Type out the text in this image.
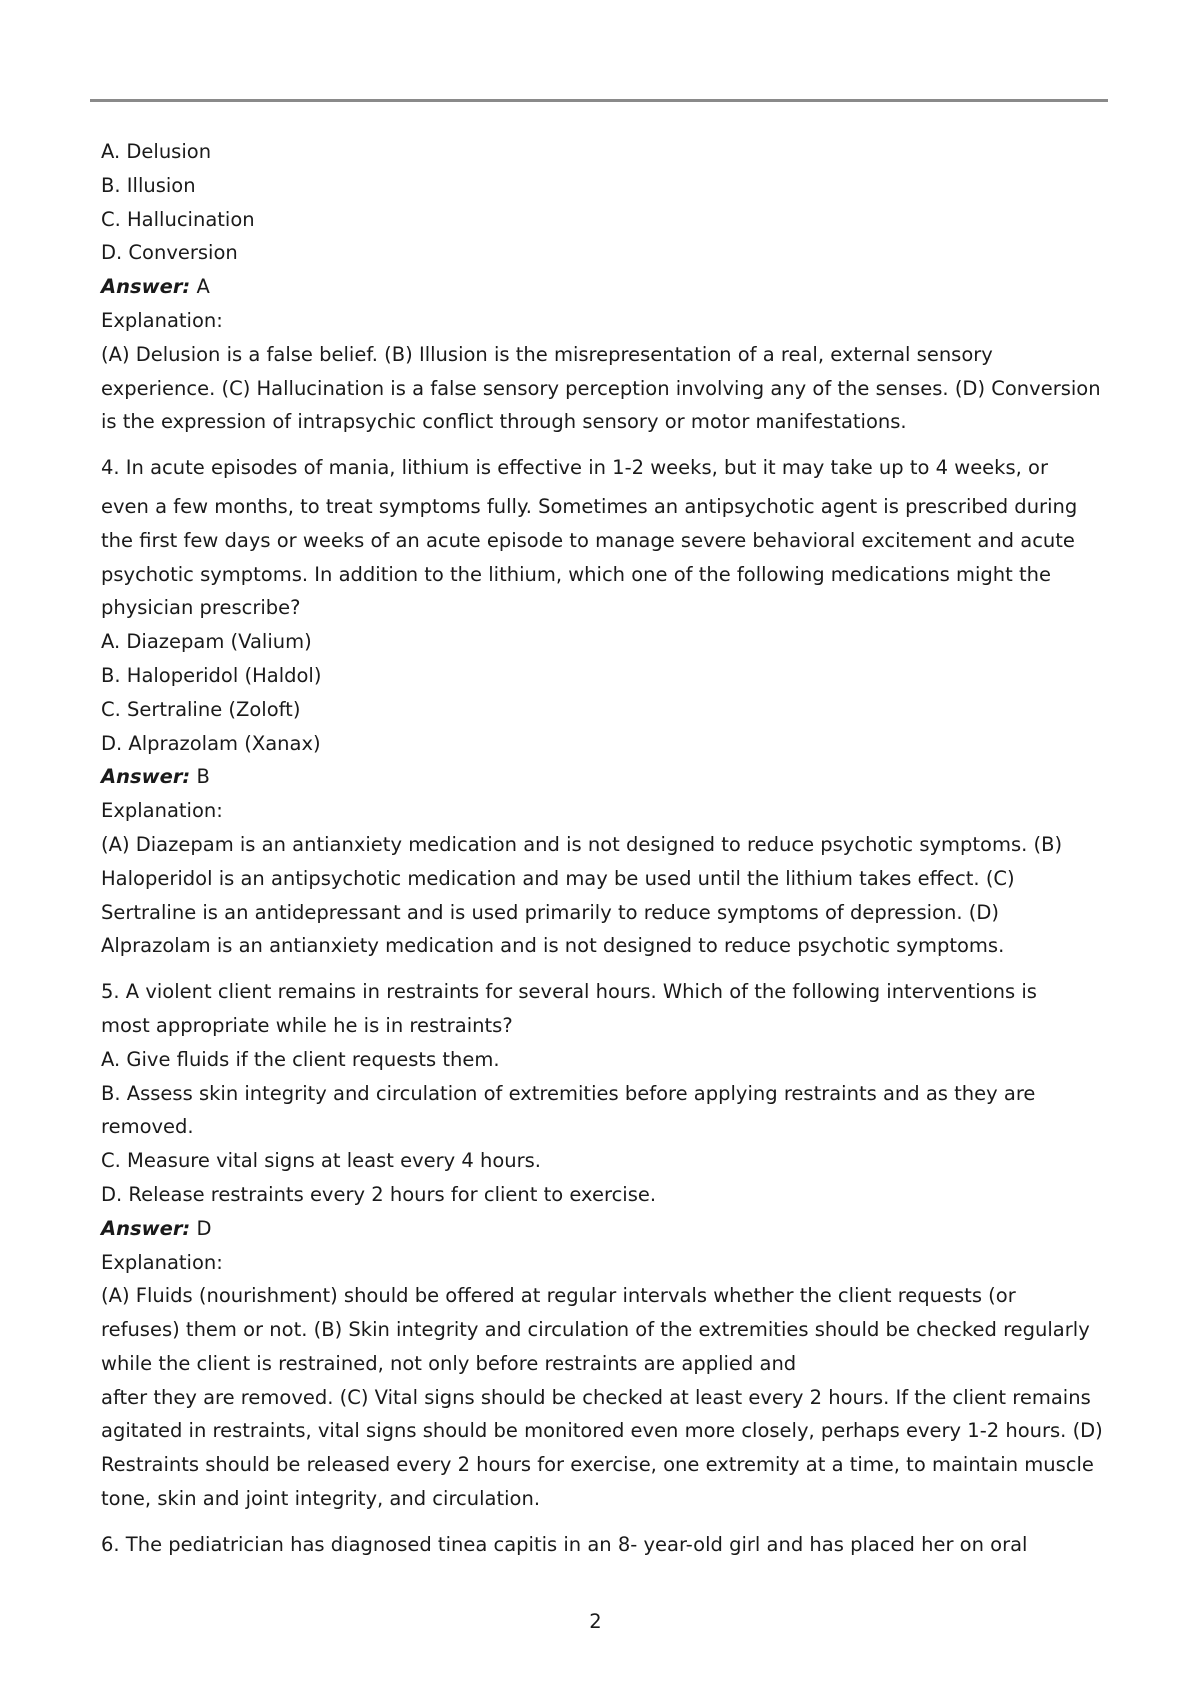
A. Delusion
B. Illusion
C. Hallucination
D. Conversion
Answer: A
Explanation:
(A) Delusion is a false belief. (B) Illusion is the misrepresentation of a real, external sensory
experience. (C) Hallucination is a false sensory perception involving any of the senses. (D) Conversion
is the expression of intrapsychic conflict through sensory or motor manifestations.
4. In acute episodes of mania, lithium is effective in 1-2 weeks, but it may take up to 4 weeks, or
even a few months, to treat symptoms fully. Sometimes an antipsychotic agent is prescribed during
the first few days or weeks of an acute episode to manage severe behavioral excitement and acute
psychotic symptoms. In addition to the lithium, which one of the following medications might the
physician prescribe?
A. Diazepam (Valium)
B. Haloperidol (Haldol)
C. Sertraline (Zoloft)
D. Alprazolam (Xanax)
Answer: B
Explanation:
(A) Diazepam is an antianxiety medication and is not designed to reduce psychotic symptoms. (B)
Haloperidol is an antipsychotic medication and may be used until the lithium takes effect. (C)
Sertraline is an antidepressant and is used primarily to reduce symptoms of depression. (D)
Alprazolam is an antianxiety medication and is not designed to reduce psychotic symptoms.
5. A violent client remains in restraints for several hours. Which of the following interventions is
most appropriate while he is in restraints?
A. Give fluids if the client requests them.
B. Assess skin integrity and circulation of extremities before applying restraints and as they are
removed.
C. Measure vital signs at least every 4 hours.
D. Release restraints every 2 hours for client to exercise.
Answer: D
Explanation:
(A) Fluids (nourishment) should be offered at regular intervals whether the client requests (or
refuses) them or not. (B) Skin integrity and circulation of the extremities should be checked regularly
while the client is restrained, not only before restraints are applied and
after they are removed. (C) Vital signs should be checked at least every 2 hours. If the client remains
agitated in restraints, vital signs should be monitored even more closely, perhaps every 1-2 hours. (D)
Restraints should be released every 2 hours for exercise, one extremity at a time, to maintain muscle
tone, skin and joint integrity, and circulation.
6. The pediatrician has diagnosed tinea capitis in an 8- year-old girl and has placed her on oral
2
